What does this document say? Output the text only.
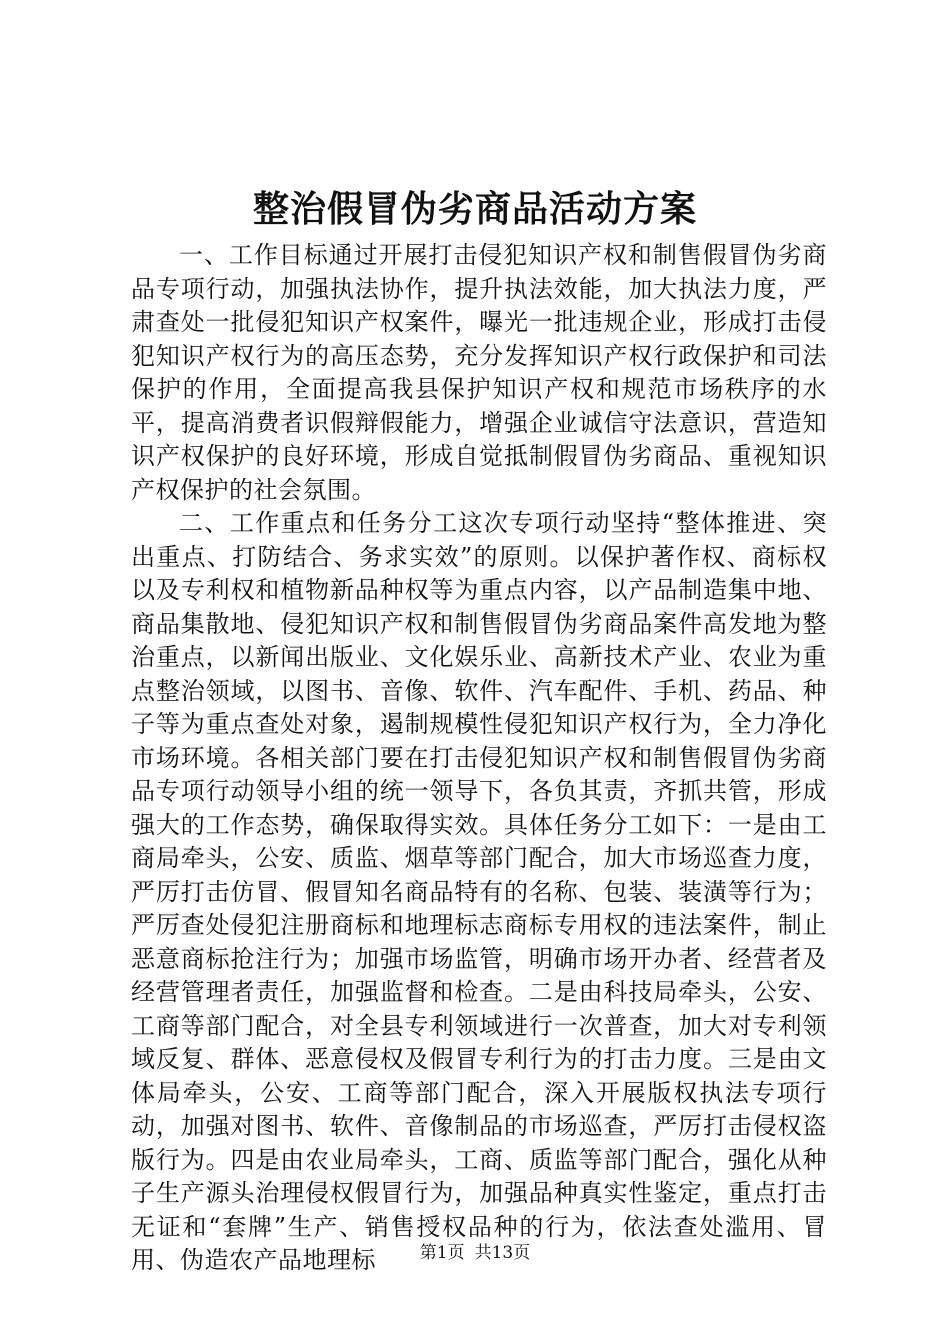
整治假冒伪劣商品活动方案

一、工作目标通过开展打击侵犯知识产权和制售假冒伪劣商品专项行动，加强执法协作，提升执法效能，加大执法力度，严肃查处一批侵犯知识产权案件，曝光一批违规企业，形成打击侵犯知识产权行为的高压态势，充分发挥知识产权行政保护和司法保护的作用，全面提高我县保护知识产权和规范市场秩序的水平，提高消费者识假辩假能力，增强企业诚信守法意识，营造知识产权保护的良好环境，形成自觉抵制假冒伪劣商品、重视知识产权保护的社会氛围。

二、工作重点和任务分工这次专项行动坚持“整体推进、突出重点、打防结合、务求实效”的原则。以保护著作权、商标权以及专利权和植物新品种权等为重点内容，以产品制造集中地、商品集散地、侵犯知识产权和制售假冒伪劣商品案件高发地为整治重点，以新闻出版业、文化娱乐业、高新技术产业、农业为重点整治领域，以图书、音像、软件、汽车配件、手机、药品、种子等为重点查处对象，遏制规模性侵犯知识产权行为，全力净化市场环境。各相关部门要在打击侵犯知识产权和制售假冒伪劣商品专项行动领导小组的统一领导下，各负其责，齐抓共管，形成强大的工作态势，确保取得实效。具体任务分工如下：一是由工商局牵头，公安、质监、烟草等部门配合，加大市场巡查力度，严厉打击仿冒、假冒知名商品特有的名称、包装、装潢等行为；严厉查处侵犯注册商标和地理标志商标专用权的违法案件，制止恶意商标抢注行为；加强市场监管，明确市场开办者、经营者及经营管理者责任，加强监督和检查。二是由科技局牵头，公安、工商等部门配合，对全县专利领域进行一次普查，加大对专利领域反复、群体、恶意侵权及假冒专利行为的打击力度。三是由文体局牵头，公安、工商等部门配合，深入开展版权执法专项行动，加强对图书、软件、音像制品的市场巡查，严厉打击侵权盗版行为。四是由农业局牵头，工商、质监等部门配合，强化从种子生产源头治理侵权假冒行为，加强品种真实性鉴定，重点打击无证和“套牌”生产、销售授权品种的行为，依法查处滥用、冒用、伪造农产品地理标	第1页 共13页
